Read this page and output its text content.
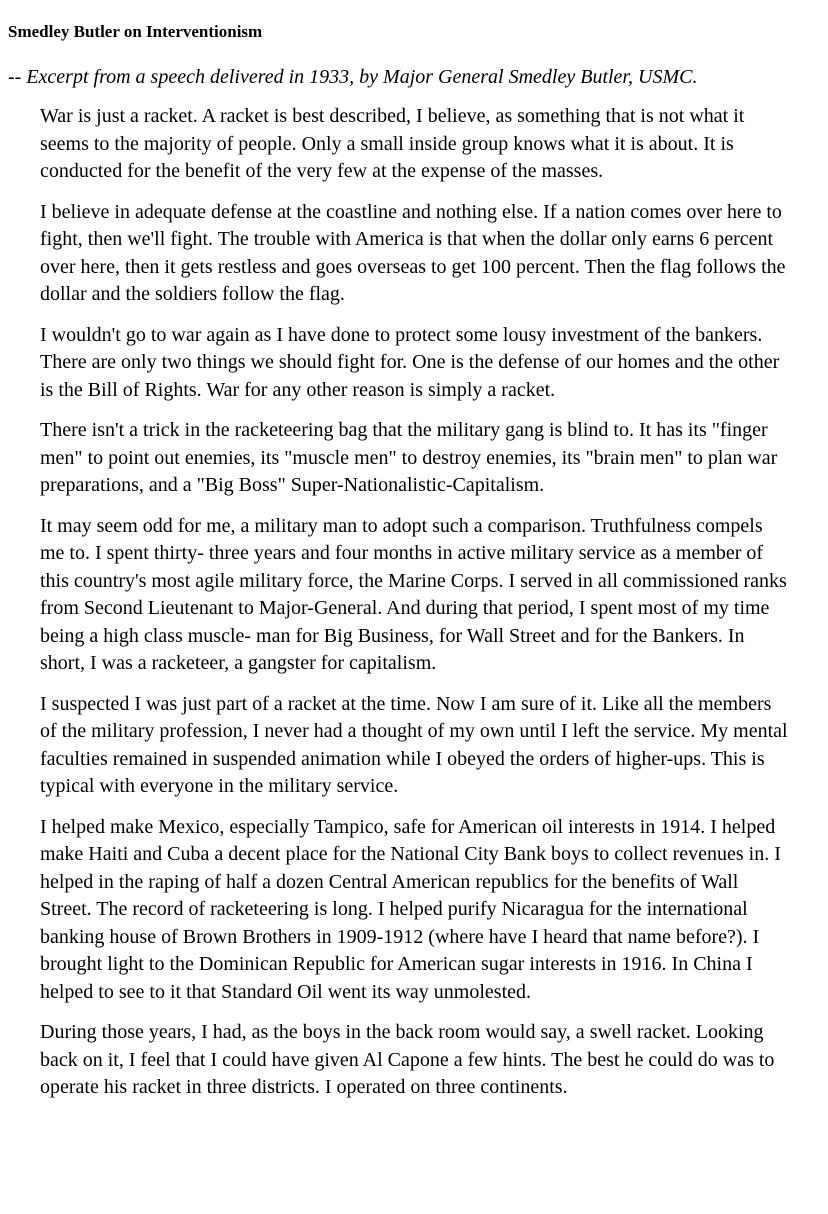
Smedley Butler on Interventionism
-- Excerpt from a speech delivered in 1933, by Major General Smedley Butler, USMC.

War is just a racket. A racket is best described, I believe, as something that is not what it seems to the majority of people. Only a small inside group knows what it is about. It is conducted for the benefit of the very few at the expense of the masses.

I believe in adequate defense at the coastline and nothing else. If a nation comes over here to fight, then we'll fight. The trouble with America is that when the dollar only earns 6 percent over here, then it gets restless and goes overseas to get 100 percent. Then the flag follows the dollar and the soldiers follow the flag.

I wouldn't go to war again as I have done to protect some lousy investment of the bankers. There are only two things we should fight for. One is the defense of our homes and the other is the Bill of Rights. War for any other reason is simply a racket.

There isn't a trick in the racketeering bag that the military gang is blind to. It has its "finger men" to point out enemies, its "muscle men" to destroy enemies, its "brain men" to plan war preparations, and a "Big Boss" Super-Nationalistic-Capitalism.

It may seem odd for me, a military man to adopt such a comparison. Truthfulness compels me to. I spent thirty- three years and four months in active military service as a member of this country's most agile military force, the Marine Corps. I served in all commissioned ranks from Second Lieutenant to Major-General. And during that period, I spent most of my time being a high class muscle- man for Big Business, for Wall Street and for the Bankers. In short, I was a racketeer, a gangster for capitalism.

I suspected I was just part of a racket at the time. Now I am sure of it. Like all the members of the military profession, I never had a thought of my own until I left the service. My mental faculties remained in suspended animation while I obeyed the orders of higher-ups. This is typical with everyone in the military service.

I helped make Mexico, especially Tampico, safe for American oil interests in 1914. I helped make Haiti and Cuba a decent place for the National City Bank boys to collect revenues in. I helped in the raping of half a dozen Central American republics for the benefits of Wall Street. The record of racketeering is long. I helped purify Nicaragua for the international banking house of Brown Brothers in 1909-1912 (where have I heard that name before?). I brought light to the Dominican Republic for American sugar interests in 1916. In China I helped to see to it that Standard Oil went its way unmolested.

During those years, I had, as the boys in the back room would say, a swell racket. Looking back on it, I feel that I could have given Al Capone a few hints. The best he could do was to operate his racket in three districts. I operated on three continents.
